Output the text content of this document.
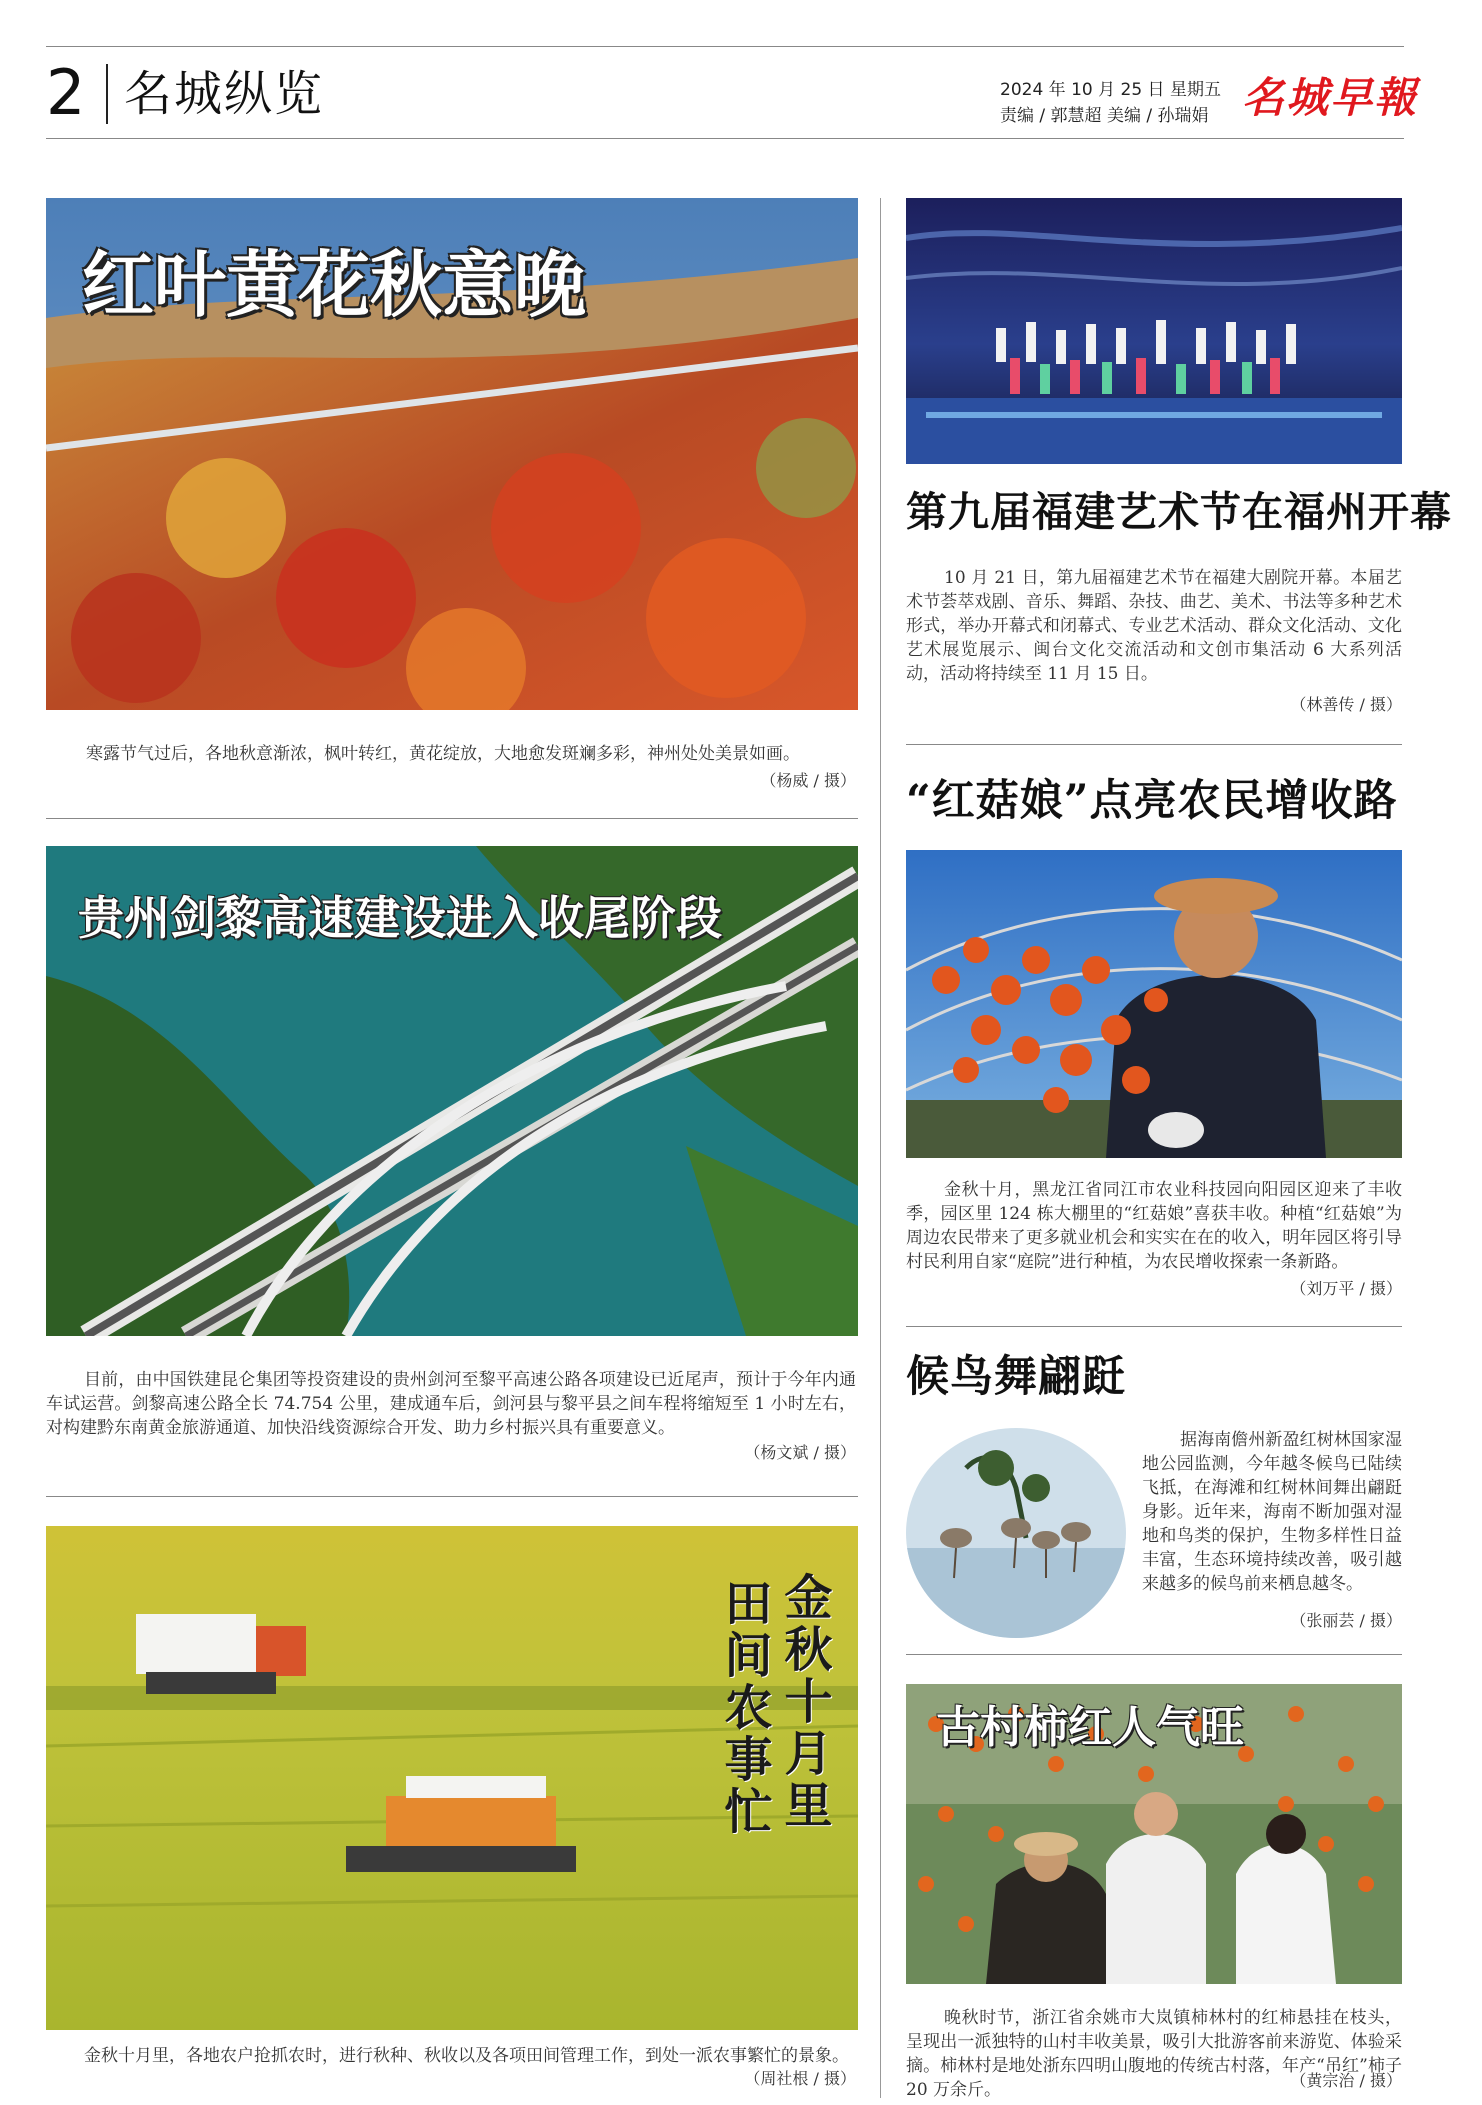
2 名城纵览	2024 年 10 月 25 日 星期五
责编 / 郭慧超 美编 / 孙瑞娟 名城早報
红叶黄花秋意晚
寒露节气过后，各地秋意渐浓，枫叶转红，黄花绽放，大地愈发斑斓多彩，神州处处美景如画。
（杨威 / 摄）
贵州剑黎高速建设进入收尾阶段
目前，由中国铁建昆仑集团等投资建设的贵州剑河至黎平高速公路各项建设已近尾声，预计于今年内通车试运营。剑黎高速公路全长 74.754 公里，建成通车后，剑河县与黎平县之间车程将缩短至 1 小时左右，对构建黔东南黄金旅游通道、加快沿线资源综合开发、助力乡村振兴具有重要意义。
（杨文斌 / 摄）
田间农事忙 金秋十月里
金秋十月里，各地农户抢抓农时，进行秋种、秋收以及各项田间管理工作，到处一派农事繁忙的景象。
（周社根 / 摄）
第九届福建艺术节在福州开幕
10 月 21 日，第九届福建艺术节在福建大剧院开幕。本届艺术节荟萃戏剧、音乐、舞蹈、杂技、曲艺、美术、书法等多种艺术形式，举办开幕式和闭幕式、专业艺术活动、群众文化活动、文化艺术展览展示、闽台文化交流活动和文创市集活动 6 大系列活动，活动将持续至 11 月 15 日。
（林善传 / 摄）
“红菇娘”点亮农民增收路
金秋十月，黑龙江省同江市农业科技园向阳园区迎来了丰收季，园区里 124 栋大棚里的“红菇娘”喜获丰收。种植“红菇娘”为周边农民带来了更多就业机会和实实在在的收入，明年园区将引导村民利用自家“庭院”进行种植，为农民增收探索一条新路。
（刘万平 / 摄）
候鸟舞翩跹
据海南儋州新盈红树林国家湿地公园监测，今年越冬候鸟已陆续飞抵，在海滩和红树林间舞出翩跹身影。近年来，海南不断加强对湿地和鸟类的保护，生物多样性日益丰富，生态环境持续改善，吸引越来越多的候鸟前来栖息越冬。
（张丽芸 / 摄）
古村柿红人气旺
晚秋时节，浙江省余姚市大岚镇柿林村的红柿悬挂在枝头，呈现出一派独特的山村丰收美景，吸引大批游客前来游览、体验采摘。柿林村是地处浙东四明山腹地的传统古村落，年产“吊红”柿子 20 万余斤。	（黄宗治 / 摄）
